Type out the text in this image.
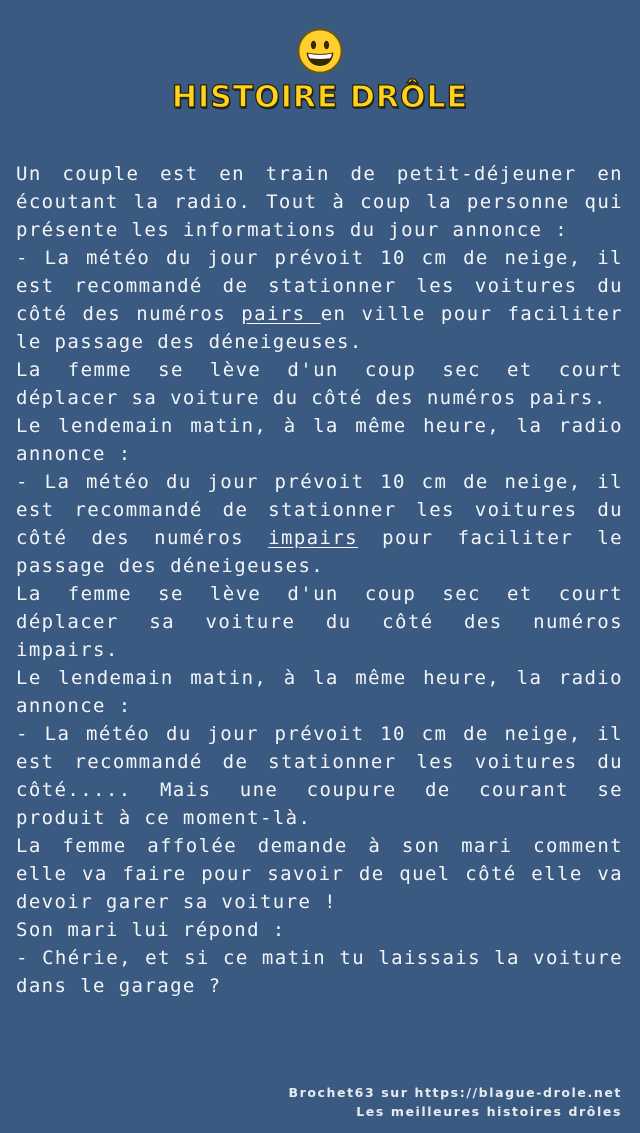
HISTOIRE DRÔLE

Un couple est en train de petit-déjeuner en écoutant la radio. Tout à coup la personne qui présente les informations du jour annonce :

- La météo du jour prévoit 10 cm de neige, il est recommandé de stationner les voitures du côté des numéros pairs en ville pour faciliter le passage des déneigeuses.

La femme se lève d'un coup sec et court déplacer sa voiture du côté des numéros pairs.

Le lendemain matin, à la même heure, la radio annonce :

- La météo du jour prévoit 10 cm de neige, il est recommandé de stationner les voitures du côté des numéros impairs pour faciliter le passage des déneigeuses.

La femme se lève d'un coup sec et court déplacer sa voiture du côté des numéros impairs.

Le lendemain matin, à la même heure, la radio annonce :

- La météo du jour prévoit 10 cm de neige, il est recommandé de stationner les voitures du côté..... Mais une coupure de courant se produit à ce moment-là.

La femme affolée demande à son mari comment elle va faire pour savoir de quel côté elle va devoir garer sa voiture !

Son mari lui répond :

- Chérie, et si ce matin tu laissais la voiture dans le garage ?

Brochet63 sur https://blague-drole.net
Les meilleures histoires drôles
